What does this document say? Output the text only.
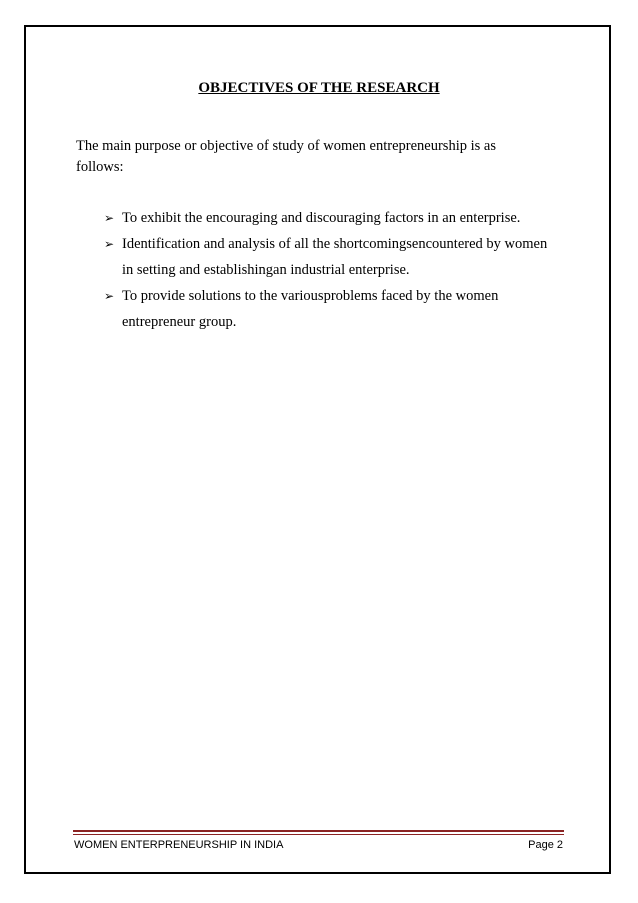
OBJECTIVES OF THE RESEARCH

The main purpose or objective of study of women entrepreneurship is as follows:

➢ To exhibit the encouraging and discouraging factors in an enterprise.
➢ Identification and analysis of all the shortcomingsencountered by women in setting and establishingan industrial enterprise.
➢ To provide solutions to the variousproblems faced by the women entrepreneur group.
WOMEN ENTERPRENEURSHIP IN INDIA	Page 2
